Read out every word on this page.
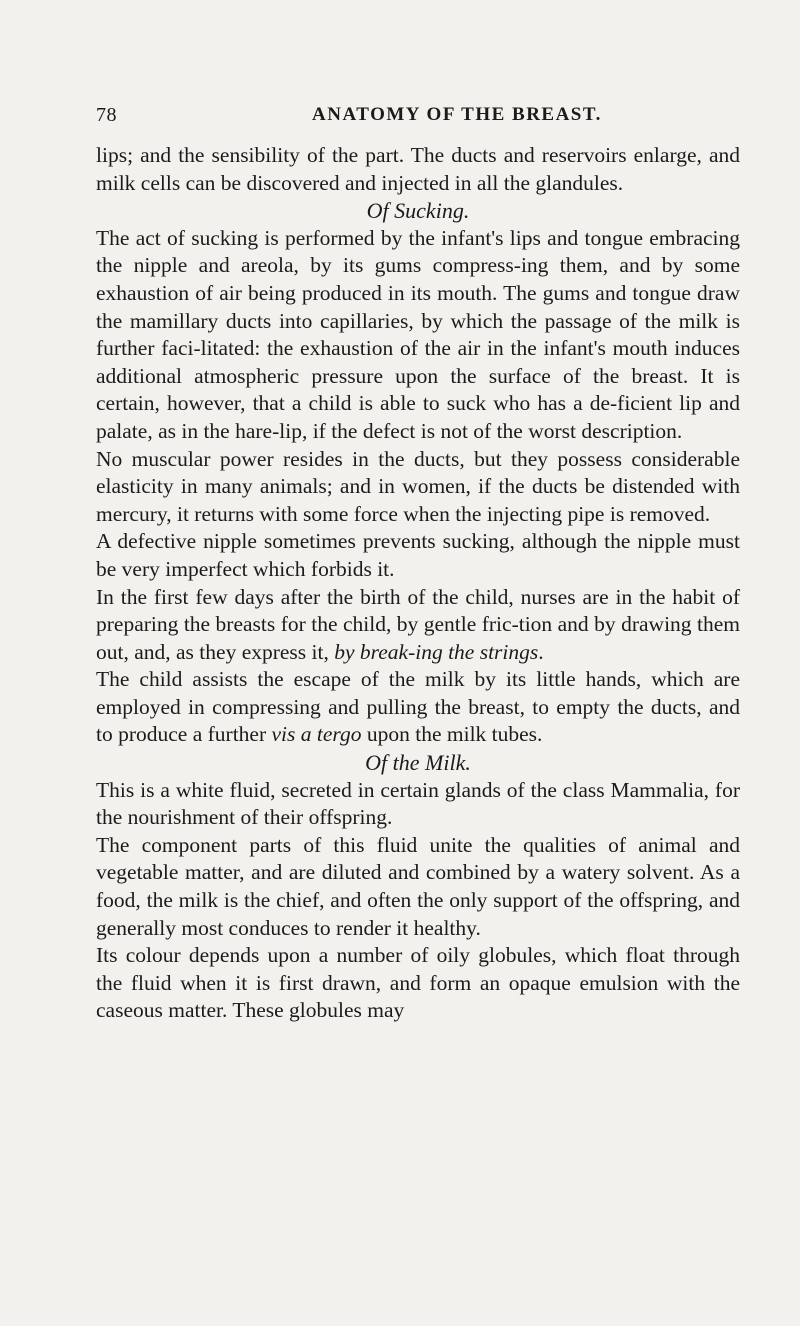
78	ANATOMY OF THE BREAST.

lips; and the sensibility of the part. The ducts and reservoirs enlarge, and milk cells can be discovered and injected in all the glandules.

Of Sucking.

The act of sucking is performed by the infant's lips and tongue embracing the nipple and areola, by its gums compress-ing them, and by some exhaustion of air being produced in its mouth. The gums and tongue draw the mamillary ducts into capillaries, by which the passage of the milk is further faci-litated: the exhaustion of the air in the infant's mouth induces additional atmospheric pressure upon the surface of the breast. It is certain, however, that a child is able to suck who has a de-ficient lip and palate, as in the hare-lip, if the defect is not of the worst description.

No muscular power resides in the ducts, but they possess considerable elasticity in many animals; and in women, if the ducts be distended with mercury, it returns with some force when the injecting pipe is removed.

A defective nipple sometimes prevents sucking, although the nipple must be very imperfect which forbids it.

In the first few days after the birth of the child, nurses are in the habit of preparing the breasts for the child, by gentle fric-tion and by drawing them out, and, as they express it, by break-ing the strings.

The child assists the escape of the milk by its little hands, which are employed in compressing and pulling the breast, to empty the ducts, and to produce a further vis a tergo upon the milk tubes.

Of the Milk.

This is a white fluid, secreted in certain glands of the class Mammalia, for the nourishment of their offspring.

The component parts of this fluid unite the qualities of animal and vegetable matter, and are diluted and combined by a watery solvent. As a food, the milk is the chief, and often the only support of the offspring, and generally most conduces to render it healthy.

Its colour depends upon a number of oily globules, which float through the fluid when it is first drawn, and form an opaque emulsion with the caseous matter. These globules may
